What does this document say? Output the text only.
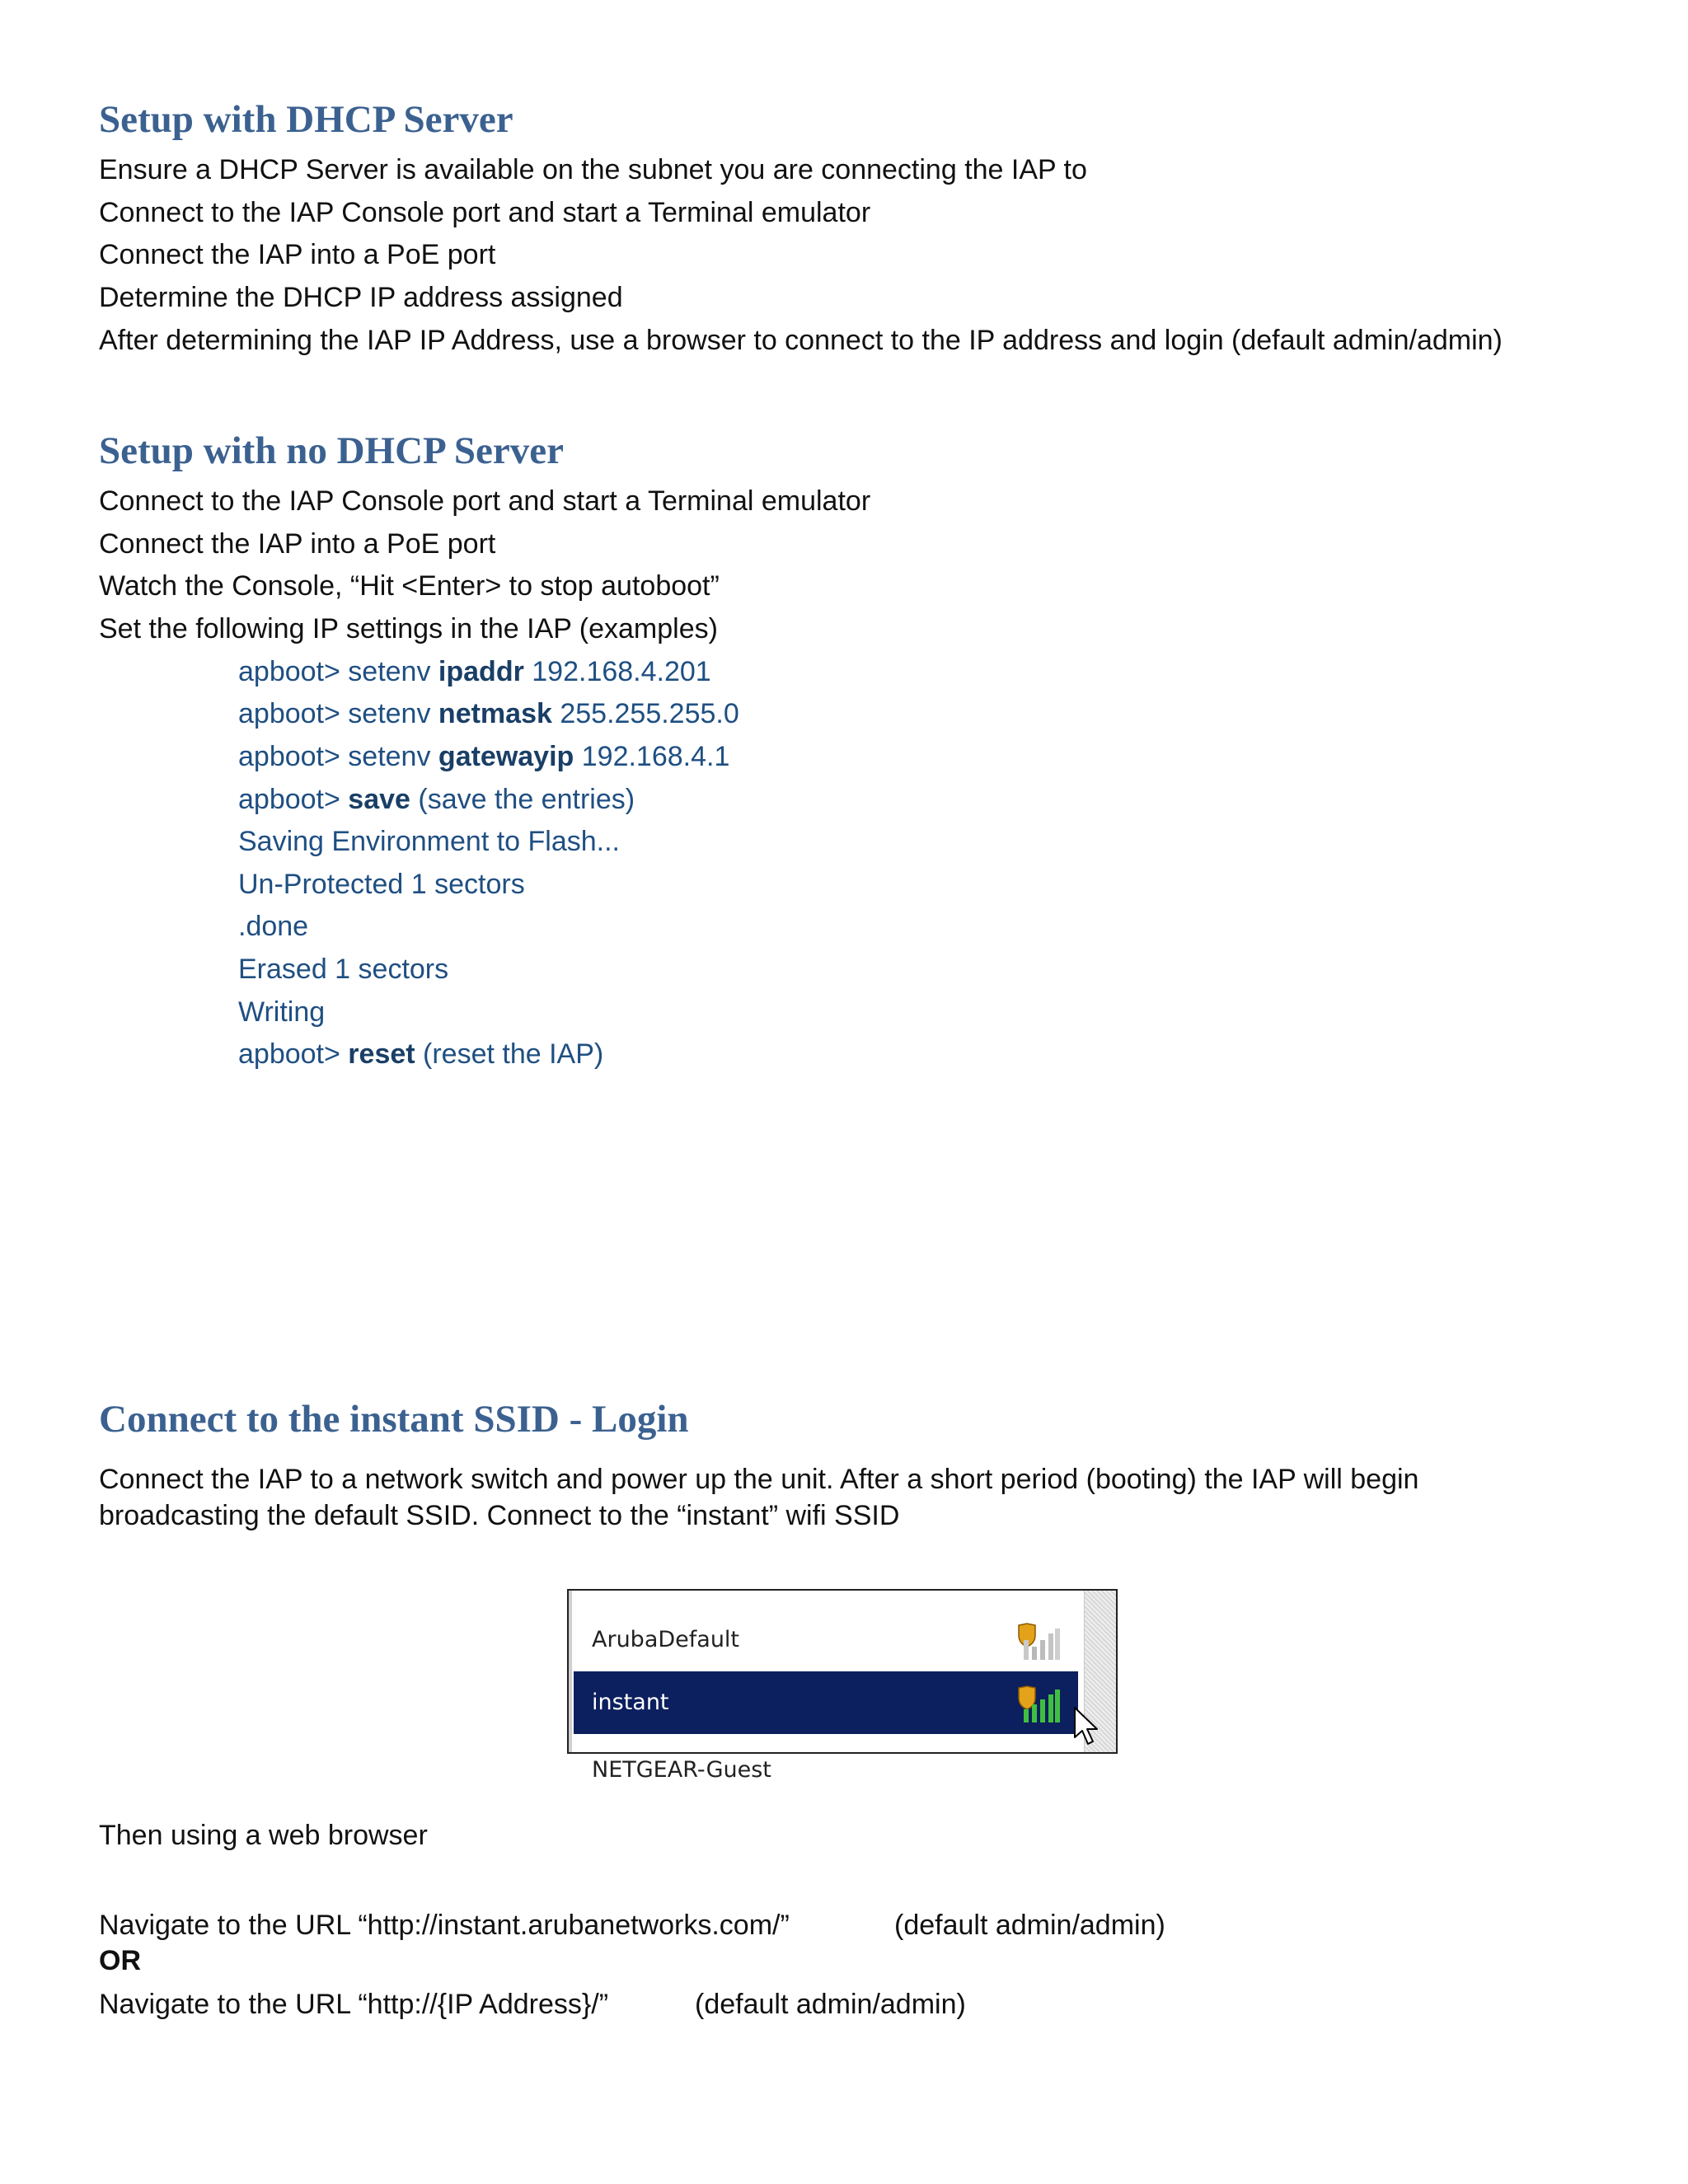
Setup with DHCP Server

Ensure a DHCP Server is available on the subnet you are connecting the IAP to

Connect to the IAP Console port and start a Terminal emulator

Connect the IAP into a PoE port

Determine the DHCP IP address assigned

After determining the IAP IP Address, use a browser to connect to the IP address and login (default admin/admin)

Setup with no DHCP Server

Connect to the IAP Console port and start a Terminal emulator

Connect the IAP into a PoE port

Watch the Console, “Hit <Enter> to stop autoboot”

Set the following IP settings in the IAP (examples)

apboot> setenv ipaddr 192.168.4.201

apboot> setenv netmask 255.255.255.0

apboot> setenv gatewayip 192.168.4.1

apboot> save (save the entries)

Saving Environment to Flash...

Un-Protected 1 sectors

.done

Erased 1 sectors

Writing

apboot> reset (reset the IAP)

Connect to the instant SSID - Login

Connect the IAP to a network switch and power up the unit. After a short period (booting) the IAP will begin broadcasting the default SSID. Connect to the “instant” wifi SSID

ArubaDefault
instant
NETGEAR-Guest

Then using a web browser

Navigate to the URL “http://instant.arubanetworks.com/”	(default admin/admin)

OR

Navigate to the URL “http://{IP Address}/”	(default admin/admin)
